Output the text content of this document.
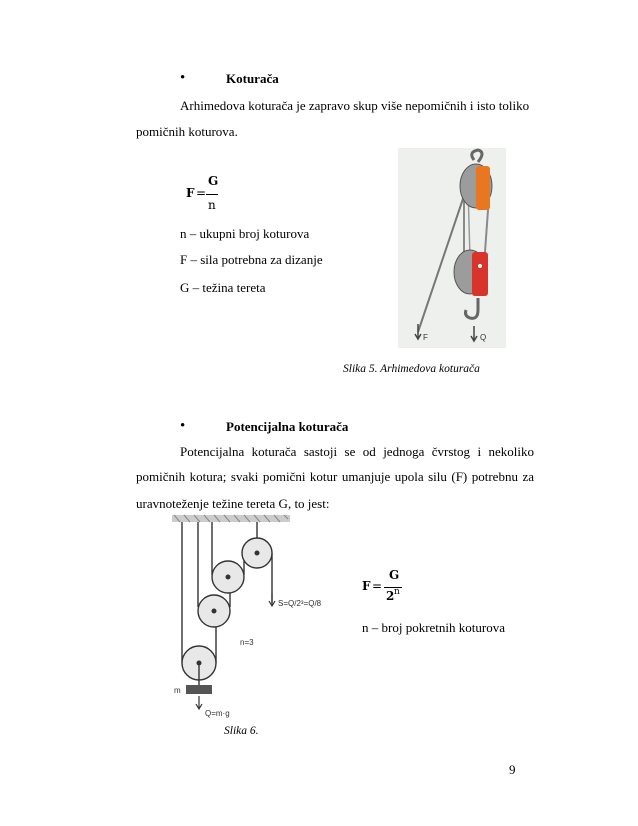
•	Koturača
Arhimedova koturača je zapravo skup više nepomičnih i isto toliko
pomičnih koturova.
F =
G
n
n – ukupni broj koturova
F – sila potrebna za dizanje
G – težina tereta
F	Q
Slika 5. Arhimedova koturača
•	Potencijalna koturača
Potencijalna koturača sastoji se od jednoga čvrstog i nekoliko
pomičnih kotura; svaki pomični kotur umanjuje upola silu (F) potrebnu za
uravnoteženje težine tereta G, to jest:
m
Q=m·g
S=Q/2³=Q/8
n=3
Slika 6.
F =
G
2 n
n – broj pokretnih koturova
9
